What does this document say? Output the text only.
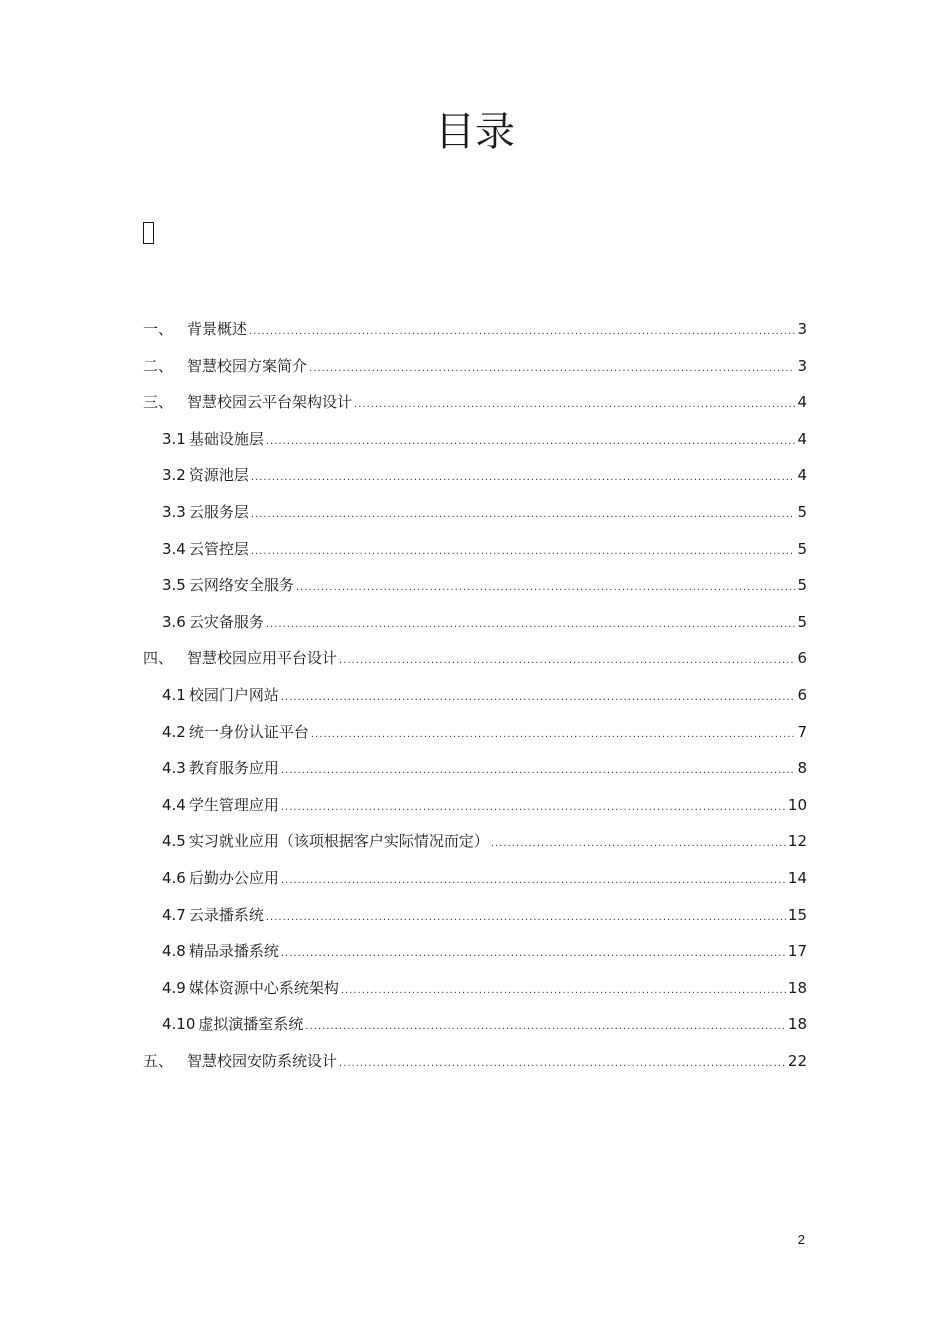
目录
一、 背景概述 .....	3
二、 智慧校园方案简介 .....	3
三、 智慧校园云平台架构设计 .....	4
3.1 基础设施层 .....	4
3.2 资源池层 .....	4
3.3 云服务层 .....	5
3.4 云管控层 .....	5
3.5 云网络安全服务 .....	5
3.6 云灾备服务 .....	5
四、 智慧校园应用平台设计 .....	6
4.1 校园门户网站 .....	6
4.2 统一身份认证平台 .....	7
4.3 教育服务应用 .....	8
4.4 学生管理应用 .....	10
4.5 实习就业应用（该项根据客户实际情况而定） .....	12
4.6 后勤办公应用 .....	14
4.7 云录播系统 .....	15
4.8 精品录播系统 .....	17
4.9 媒体资源中心系统架构 .....	18
4.10 虚拟演播室系统 .....	18
五、 智慧校园安防系统设计 .....	22
2
